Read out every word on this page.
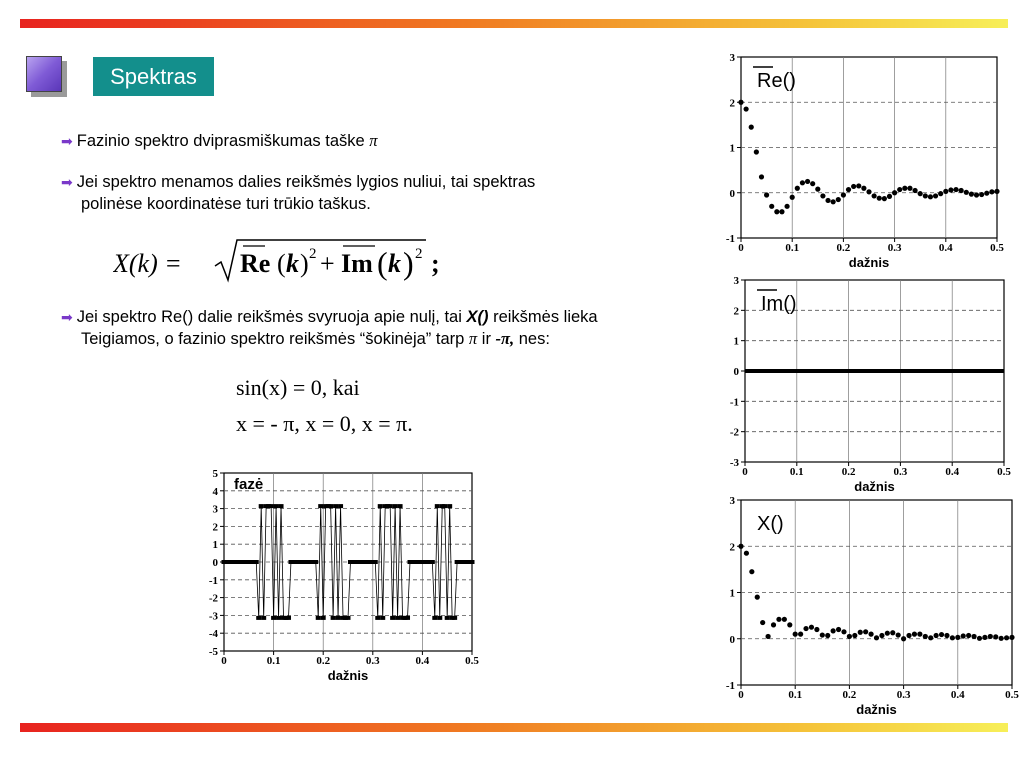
Spektras
➡ Fazinio spektro dviprasmiškumas taške π
➡ Jei spektro menamos dalies reikšmės lygios nuliui, tai spektras
polinėse koordinatėse turi trūkio taškus.
X(k) = Re ( k ) 2 + Im ( k ) 2 ;
➡ Jei spektro Re() dalie reikšmės svyruoja apie nulį, tai X() reikšmės lieka
Teigiamos, o fazinio spektro reikšmės “šokinėja” tarp π ir -π, nes:
sin(x) = 0, kai
x = - π, x = 0, x = π.
0	0.1	0.2	0.3	0.4	0.5
-1
0
1
2
3
Re()
dažnis
0	0.1	0.2	0.3	0.4	0.5
-3
-2
-1
0
1
2
3
Im()
dažnis
0	0.1	0.2	0.3	0.4	0.5
-1
0
1
2
3
X()
dažnis
0	0.1	0.2	0.3	0.4	0.5
-5
-4
-3
-2
-1
0
1
2
3
4
5
fazė
dažnis
